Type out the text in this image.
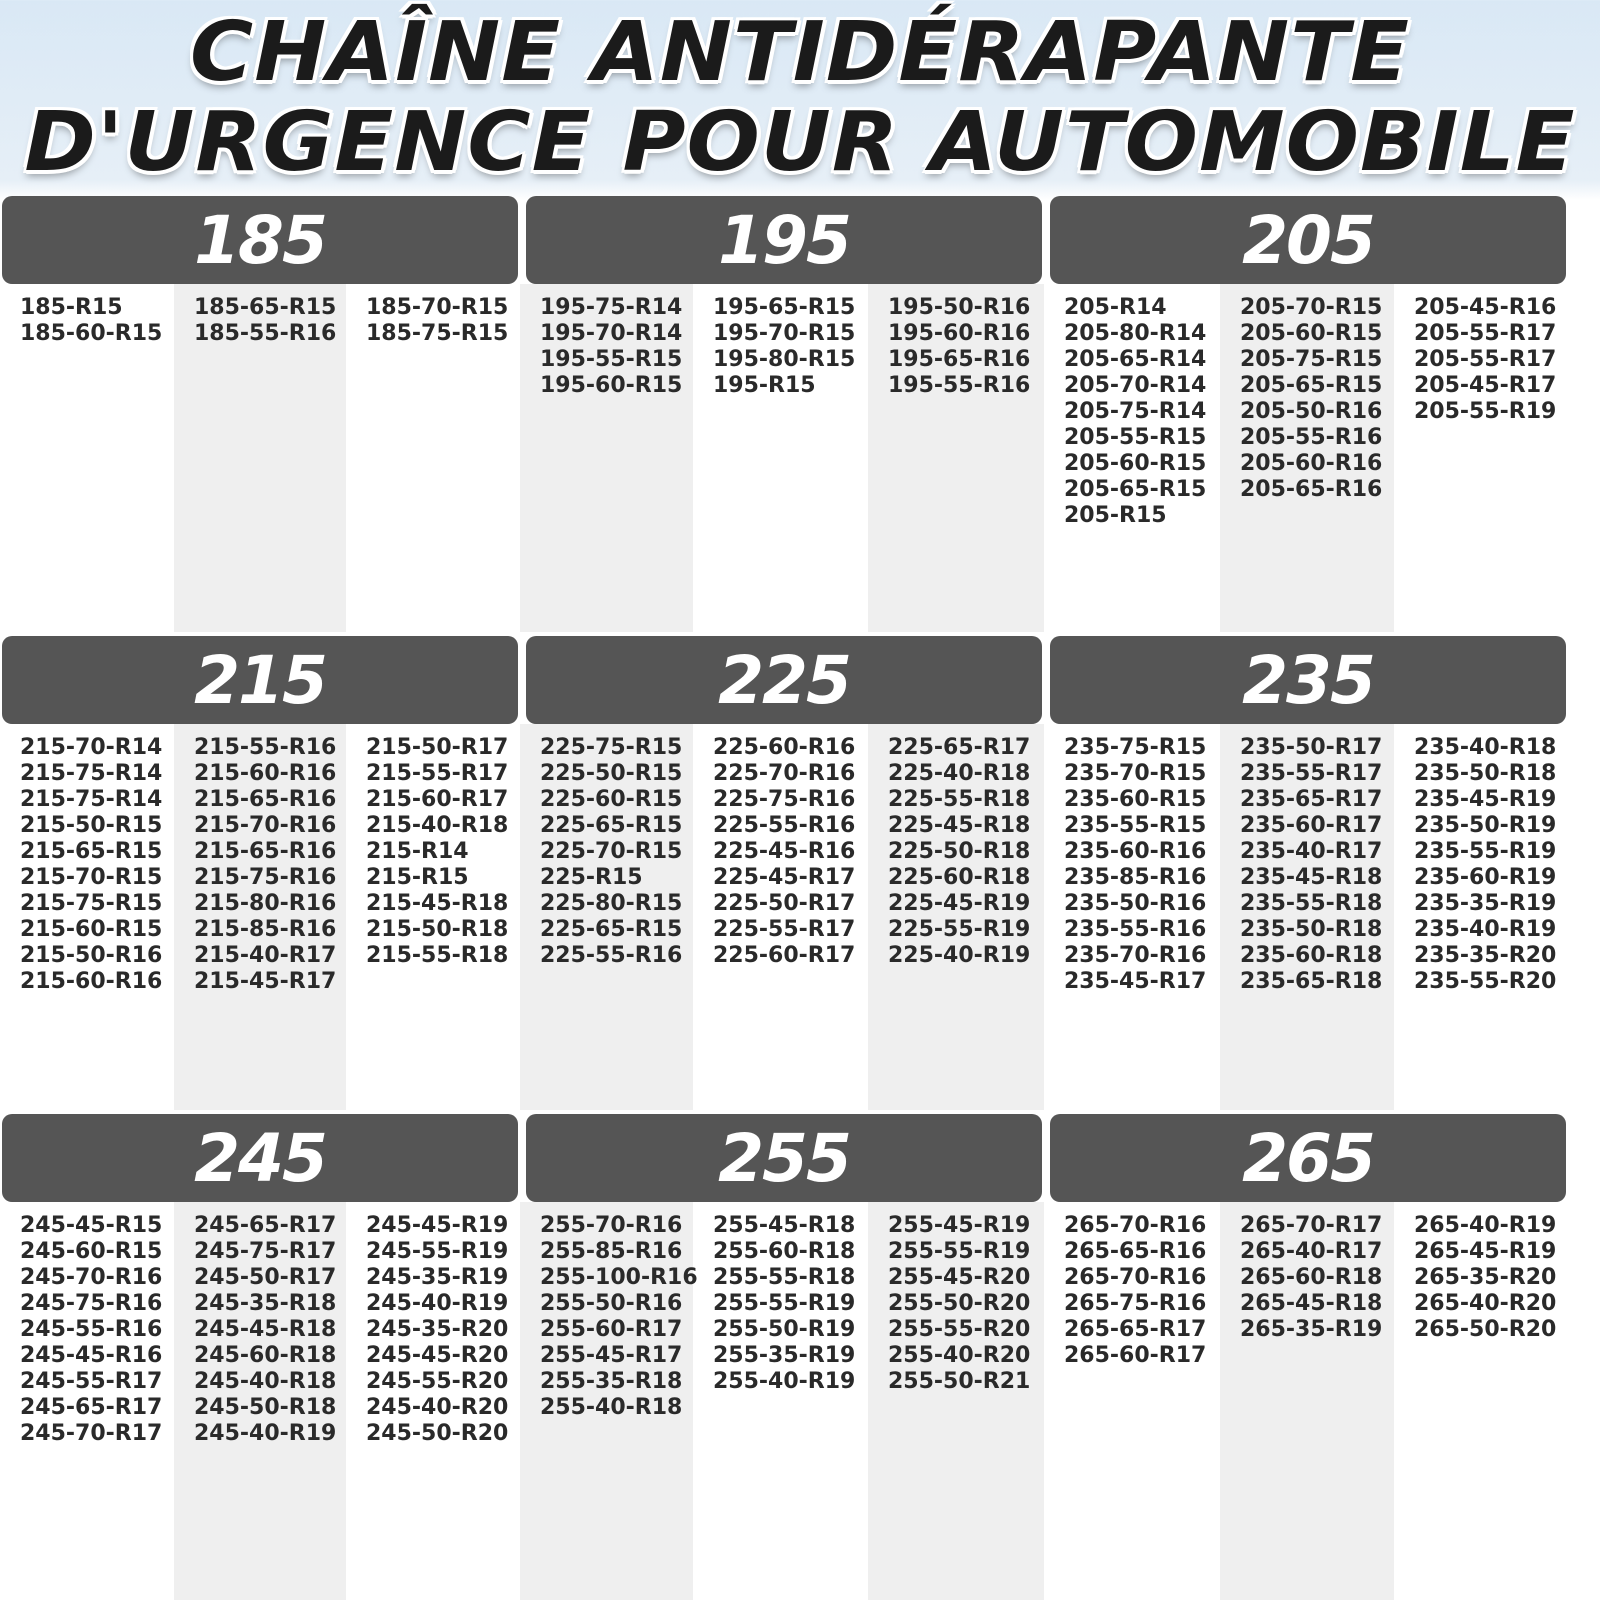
CHAÎNE ANTIDÉRAPANTE
D'URGENCE POUR AUTOMOBILE
185
185-R15
185-60-R15
185-65-R15
185-55-R16
185-70-R15
185-75-R15
195
195-75-R14
195-70-R14
195-55-R15
195-60-R15
195-65-R15
195-70-R15
195-80-R15
195-R15
195-50-R16
195-60-R16
195-65-R16
195-55-R16
205
205-R14
205-80-R14
205-65-R14
205-70-R14
205-75-R14
205-55-R15
205-60-R15
205-65-R15
205-R15
205-70-R15
205-60-R15
205-75-R15
205-65-R15
205-50-R16
205-55-R16
205-60-R16
205-65-R16
205-45-R16
205-55-R17
205-55-R17
205-45-R17
205-55-R19
215
215-70-R14
215-75-R14
215-75-R14
215-50-R15
215-65-R15
215-70-R15
215-75-R15
215-60-R15
215-50-R16
215-60-R16
215-55-R16
215-60-R16
215-65-R16
215-70-R16
215-65-R16
215-75-R16
215-80-R16
215-85-R16
215-40-R17
215-45-R17
215-50-R17
215-55-R17
215-60-R17
215-40-R18
215-R14
215-R15
215-45-R18
215-50-R18
215-55-R18
225
225-75-R15
225-50-R15
225-60-R15
225-65-R15
225-70-R15
225-R15
225-80-R15
225-65-R15
225-55-R16
225-60-R16
225-70-R16
225-75-R16
225-55-R16
225-45-R16
225-45-R17
225-50-R17
225-55-R17
225-60-R17
225-65-R17
225-40-R18
225-55-R18
225-45-R18
225-50-R18
225-60-R18
225-45-R19
225-55-R19
225-40-R19
235
235-75-R15
235-70-R15
235-60-R15
235-55-R15
235-60-R16
235-85-R16
235-50-R16
235-55-R16
235-70-R16
235-45-R17
235-50-R17
235-55-R17
235-65-R17
235-60-R17
235-40-R17
235-45-R18
235-55-R18
235-50-R18
235-60-R18
235-65-R18
235-40-R18
235-50-R18
235-45-R19
235-50-R19
235-55-R19
235-60-R19
235-35-R19
235-40-R19
235-35-R20
235-55-R20
245
245-45-R15
245-60-R15
245-70-R16
245-75-R16
245-55-R16
245-45-R16
245-55-R17
245-65-R17
245-70-R17
245-65-R17
245-75-R17
245-50-R17
245-35-R18
245-45-R18
245-60-R18
245-40-R18
245-50-R18
245-40-R19
245-45-R19
245-55-R19
245-35-R19
245-40-R19
245-35-R20
245-45-R20
245-55-R20
245-40-R20
245-50-R20
255
255-70-R16
255-85-R16
255-100-R16
255-50-R16
255-60-R17
255-45-R17
255-35-R18
255-40-R18
255-45-R18
255-60-R18
255-55-R18
255-55-R19
255-50-R19
255-35-R19
255-40-R19
255-45-R19
255-55-R19
255-45-R20
255-50-R20
255-55-R20
255-40-R20
255-50-R21
265
265-70-R16
265-65-R16
265-70-R16
265-75-R16
265-65-R17
265-60-R17
265-70-R17
265-40-R17
265-60-R18
265-45-R18
265-35-R19
265-40-R19
265-45-R19
265-35-R20
265-40-R20
265-50-R20
